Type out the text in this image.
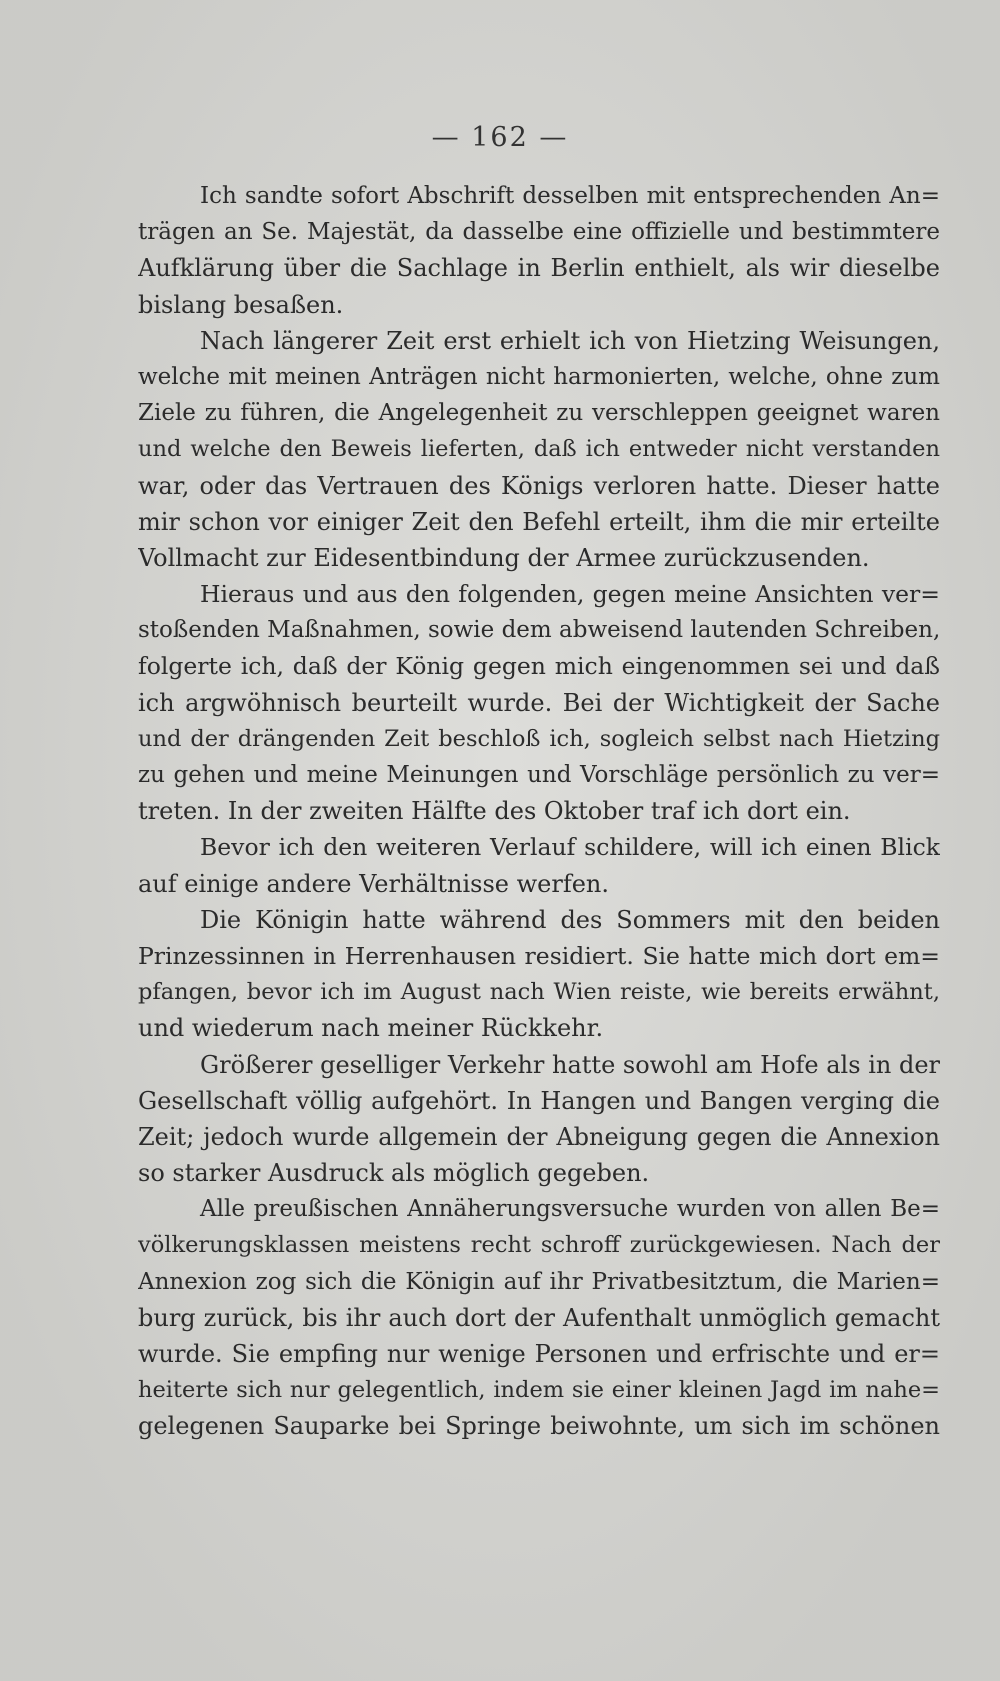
— 162 —
Ich sandte sofort Abschrift desselben mit entsprechenden An=
trägen an Se. Majestät, da dasselbe eine offizielle und bestimmtere
Aufklärung über die Sachlage in Berlin enthielt, als wir dieselbe
bislang besaßen.
Nach längerer Zeit erst erhielt ich von Hietzing Weisungen,
welche mit meinen Anträgen nicht harmonierten, welche, ohne zum
Ziele zu führen, die Angelegenheit zu verschleppen geeignet waren
und welche den Beweis lieferten, daß ich entweder nicht verstanden
war, oder das Vertrauen des Königs verloren hatte. Dieser hatte
mir schon vor einiger Zeit den Befehl erteilt, ihm die mir erteilte
Vollmacht zur Eidesentbindung der Armee zurückzusenden.
Hieraus und aus den folgenden, gegen meine Ansichten ver=
stoßenden Maßnahmen, sowie dem abweisend lautenden Schreiben,
folgerte ich, daß der König gegen mich eingenommen sei und daß
ich argwöhnisch beurteilt wurde. Bei der Wichtigkeit der Sache
und der drängenden Zeit beschloß ich, sogleich selbst nach Hietzing
zu gehen und meine Meinungen und Vorschläge persönlich zu ver=
treten. In der zweiten Hälfte des Oktober traf ich dort ein.
Bevor ich den weiteren Verlauf schildere, will ich einen Blick
auf einige andere Verhältnisse werfen.
Die Königin hatte während des Sommers mit den beiden
Prinzessinnen in Herrenhausen residiert. Sie hatte mich dort em=
pfangen, bevor ich im August nach Wien reiste, wie bereits erwähnt,
und wiederum nach meiner Rückkehr.
Größerer geselliger Verkehr hatte sowohl am Hofe als in der
Gesellschaft völlig aufgehört. In Hangen und Bangen verging die
Zeit; jedoch wurde allgemein der Abneigung gegen die Annexion
so starker Ausdruck als möglich gegeben.
Alle preußischen Annäherungsversuche wurden von allen Be=
völkerungsklassen meistens recht schroff zurückgewiesen. Nach der
Annexion zog sich die Königin auf ihr Privatbesitztum, die Marien=
burg zurück, bis ihr auch dort der Aufenthalt unmöglich gemacht
wurde. Sie empfing nur wenige Personen und erfrischte und er=
heiterte sich nur gelegentlich, indem sie einer kleinen Jagd im nahe=
gelegenen Sauparke bei Springe beiwohnte, um sich im schönen
